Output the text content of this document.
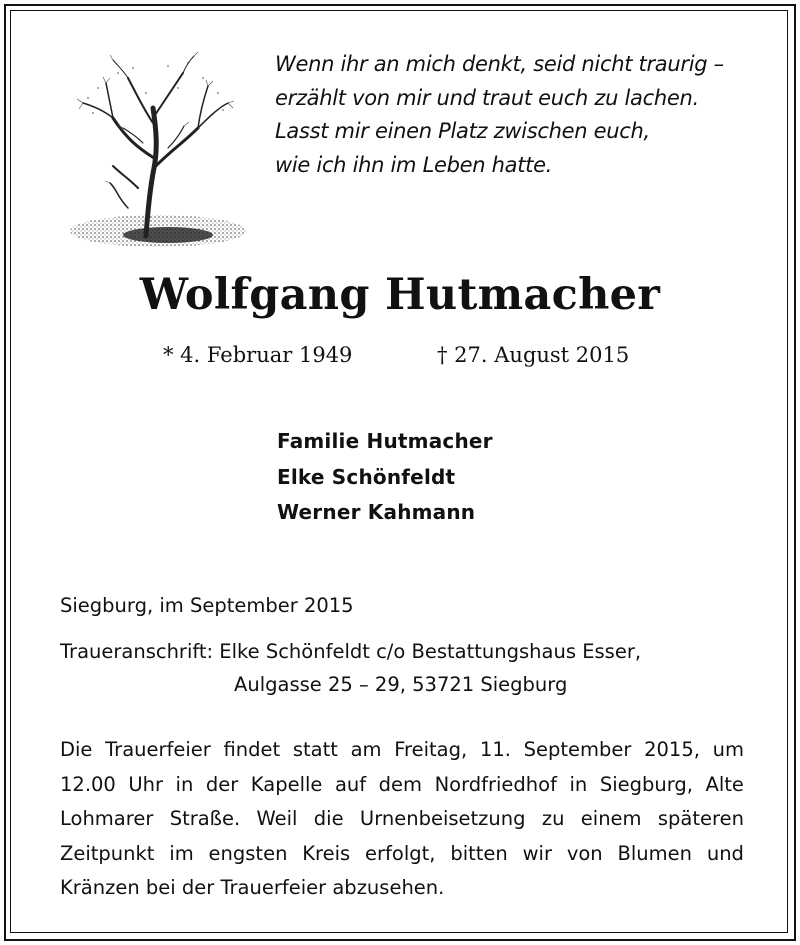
Wenn ihr an mich denkt, seid nicht traurig –
erzählt von mir und traut euch zu lachen.
Lasst mir einen Platz zwischen euch,
wie ich ihn im Leben hatte.
Wolfgang Hutmacher
* 4. Februar 1949	† 27. August 2015
Familie Hutmacher
Elke Schönfeldt
Werner Kahmann
Siegburg, im September 2015
Traueranschrift: Elke Schönfeldt c/o Bestattungshaus Esser,
Aulgasse 25 – 29, 53721 Siegburg
Die Trauerfeier findet statt am Freitag, 11. September 2015, um
12.00 Uhr in der Kapelle auf dem Nordfriedhof in Siegburg, Alte
Lohmarer Straße. Weil die Urnenbeisetzung zu einem späteren
Zeitpunkt im engsten Kreis erfolgt, bitten wir von Blumen und
Kränzen bei der Trauerfeier abzusehen.
